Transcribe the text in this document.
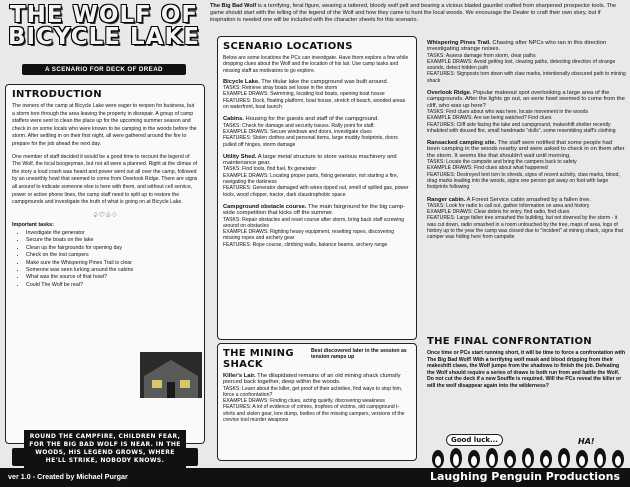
THE WOLF OF
BICYCLE LAKE
A SCENARIO FOR DECK OF DREAD
The Big Bad Wolf is a terrifying, feral figure, wearing a tattered, bloody wolf pelt and bearing a vicious bladed gauntlet crafted from sharpened prospector tools. The game should start with the telling of the legend of the Wolf and how they came to hunt the local woods. We encourage the Dealer to craft their own story, but if inspiration is needed one will be included with the character sheets for this scenario.
INTRODUCTION

The owners of the camp at Bicycle Lake were eager to reopen for business, but a storm tore through the area leaving the property in disrepair. A group of camp staffers were sent to clean the place up for the upcoming summer season and check in on some locals who were known to be camping in the woods before the storm. After settling in on their first night, all were gathered around the fire to prepare for the job ahead the next day.

One member of staff decided it would be a good time to recount the legend of The Wolf, the local boogeyman, but not all were a planned. Right at the climax of the story a loud crash was heard and power went out all over the camp, followed by an unearthly howl that seemed to come from Overlook Ridge. There are signs all around to indicate someone else is here with them, and without cell service, power or active phone lines, the camp staff need to split up to restore the campgrounds and investigate the truth of what is going on at Bicycle Lake.

♤♡♧♢
Important tasks:
• Investigate the generator
• Secure the boats on the lake
• Clean up the fairgrounds for opening day
• Check on the lost campers
• Make sure the Whispering Pines Trail is clear
• Someone was seen lurking around the cabins
• What was the source of that howl?
• Could The Wolf be real?
ROUND THE CAMPFIRE, CHILDREN FEAR, FOR THE BIG BAD WOLF IS NEAR. IN THE WOODS, HIS LEGEND GROWS, WHERE HE'LL STRIKE, NOBODY KNOWS.
SCENARIO LOCATIONS

Below are some locations the PCs can investigate. Have them explore a few while dropping clues about the Wolf and the location of his lair. Use camp tasks and missing staff as motivators to go explore.

Bicycle Lake. The titular lake the campground was built around.
TASKS: Retrieve stray boats set loose in the storm
EXAMPLE DRAWS: Swimming, locating lost boats, opening boat house
FEATURES: Dock, floating platform, boat house, stretch of beach, wooded areas on waterfront, boat launch
Cabins. Housing for the guests and staff of the campground.
TASKS: Check for damage and security issues. Rally point for staff.
EXAMPLE DRAWS: Secure windows and doors, investigate clues
FEATURES: Stolen clothes and personal items, large muddy footprints, doors pulled off hinges, storm damage
Utility Shed. A large metal structure to store various machinery and maintenance gear.
TASKS: Find tools, find fuel, fix generator
EXAMPLE DRAWS: Locating proper parts, fixing generator, not starting a fire, navigating the darkness
FEATURES: Generator damaged with wires ripped out, smell of spilled gas, power tools, wood chipper, tractor, dark claustrophobic space
Campground obstacle course. The main fairground for the big camp-wide competition that kicks off the summer.
TASKS: Repair obstacles and reset course after storm, bring back staff screwing around on obstacles
EXAMPLE DRAWS: Righting heavy equipment, resetting ropes, discovering missing ropes and archery gear
FEATURES: Rope course, climbing walls, balance beams, archery range
THE MINING SHACK
Best discovered later in the session as tension ramps up
Killer's Lair. The dilapidated remains of an old mining shack clumsily pierced back together, deep within the woods.
TASKS: Learn about the killer, get proof of their activities, find ways to stop him, force a confrontation?
EXAMPLE DRAWS: Finding clues, acting quietly, discovering weakness
FEATURES: A lot of evidence of crimes, trophies of victims, old campground t-shirts and stolen gear, lore dump, bodies of the missing campers, versions of the crevice tool murder weapons
Whispering Pines Trail. Chasing after NPCs who ran in this direction investigating strange noises.
TASKS: Assess damage from storm, clear paths
EXAMPLE DRAWS: Avoid getting lost, clearing paths, detecting direction of strange sounds, detect hidden path
FEATURES: Signposts torn down with claw marks, intentionally obscured path to mining shack
Overlook Ridge. Popular makeout spot overlooking a large area of the campgrounds. After the lights go out, an eerie howl seemed to come from the cliff, who was up here?
TASKS: Find clues about who was here, locate movement in the woods
EXAMPLE DRAWS: Are we being watched? Find clues
FEATURES: Cliff side facing the lake and campground, makeshift shelter recently inhabited with doused fire, small handmade "dolls", some resembling staff's clothing
Ransacked camping site. The staff were notified that some people had been camping in the woods nearby and were asked to check in on them after the storm. It seems like that shouldn't wait until morning.
TASKS: Locate the campsite and bring the campers back to safety
EXAMPLE DRAWS: Find clues about what happened
FEATURES: Destroyed tent torn to shreds, signs of recent activity, claw marks, blood, drag marks leading into the woods, signs one person got away on foot with large footprints following
Ranger cabin. A Forest Service cabin smashed by a fallen tree.
TASKS: Look for radio to call out, gather information on area and history
EXAMPLE DRAWS: Clear debris for entry, find radio, find clues
FEATURES: Large fallen tree smashed the building, but not downed by the storm - it was cut down, radio smashed in a room untouched by the tree, maps of area, logs of history up to the year the camp was closed due to "incident" at mining shack, signs that camper was hiding here from campsite
THE FINAL CONFRONTATION
Once time or PCs start running short, it will be time to force a confrontation with The Big Bad Wolf! With a terrifying wolf mask and blood dripping from their makeshift claws, the Wolf jumps from the shadows to finish the job. Defeating the Wolf should require a series of draws to both run from and battle the Wolf. Do not cut the deck if a new Snuffle is required. Will the PCs reveal the killer or will the wolf disappear again into the wilderness?
Good luck...	HA!
ver 1.0 - Created by Michael Purgar	Laughing Penguin Productions
